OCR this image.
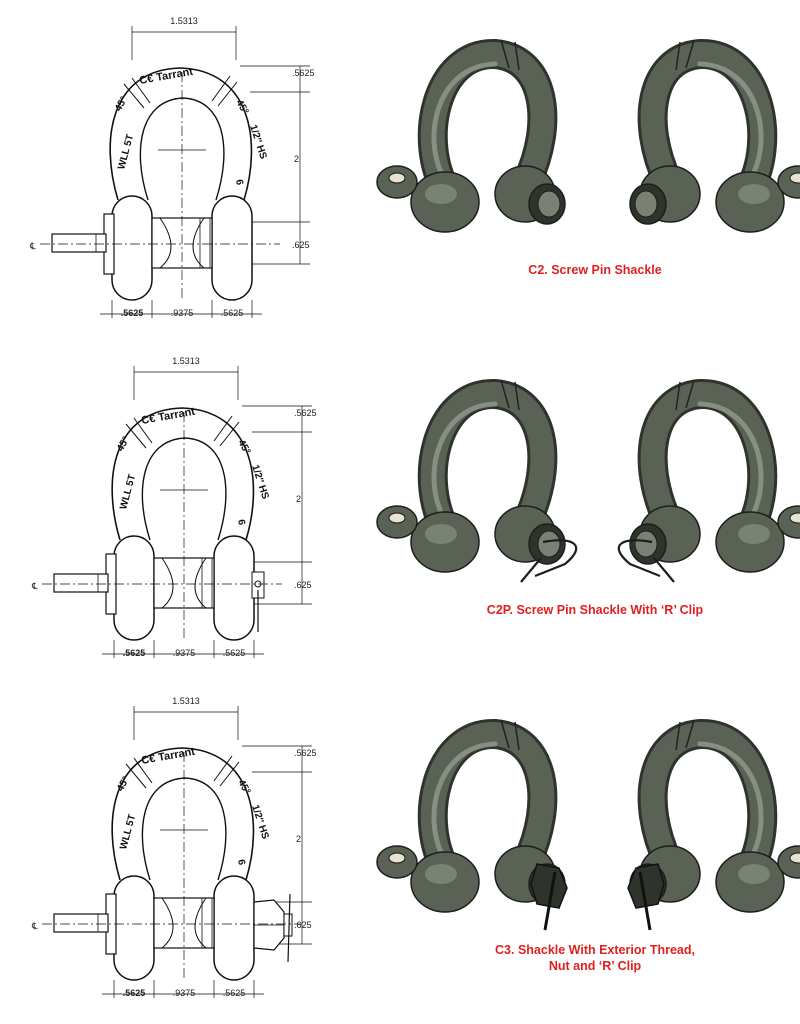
1.5313
.5625
2
.625
.5625	.9375	.5625
C€ Tarrant
WLL 5T
45°	45°
1/2″ HS
6
℄
C2. Screw Pin Shackle
1.5313
.5625
2
.625
.5625	.9375	.5625
C€ Tarrant
WLL 5T
45°	45°
1/2″ HS
6
℄
C2P. Screw Pin Shackle With ‘R’ Clip
1.5313
.5625
2
.625
.5625	.9375	.5625
C€ Tarrant
WLL 5T
45°	45°
1/2″ HS
6
℄
C3. Shackle With Exterior Thread,
Nut and ‘R’ Clip
